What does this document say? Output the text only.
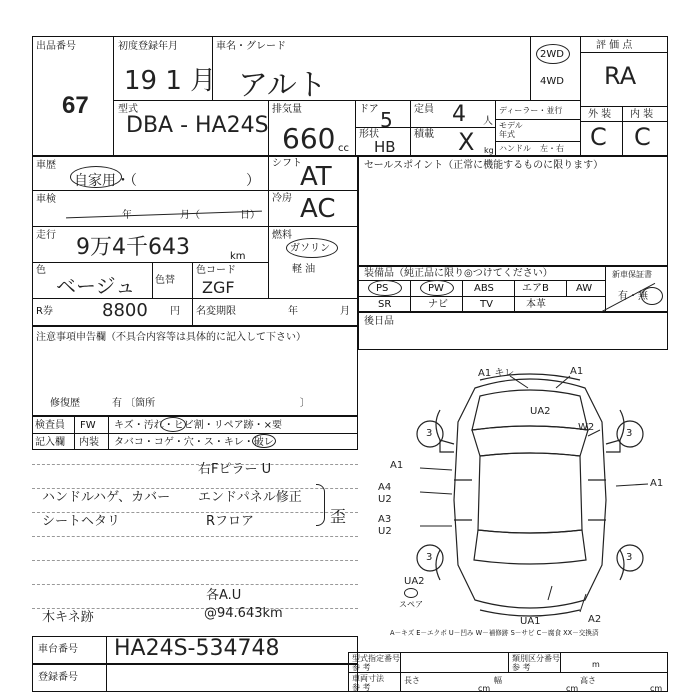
出品番号
67
初度登録年月
19 1 月
車名・グレード
アルト
2WD
4WD
評 価 点
RA
外 装 内 装
C C
型式
DBA - HA24S
排気量
660 cc
ドア 5
形状
HB
定員 4 人
積載 X kg
ディーラー・並行
モデル
年式
ハンドル 左・右
車歴
自家用・（	）
シフト
AT
車検
年	月（	日）
冷房 AC
走行 9万4千643	km
燃料
ガソリン
軽 油
色
ベージュ 色替
色コード
ZGF
R券	8800 円 名変期限	年	月
セールスポイント（正常に機能するものに限ります）
装備品（純正品に限り◎つけてください）	新車保証書
有・無
PS	PW	ABS	エアB	AW
SR	ナビ	TV	本革
後日品
注意事項申告欄（不具合内容等は具体的に記入して下さい）
修復歴	有 〔箇所	〕
検査員
記入欄
FW
内装
キズ・汚れ・ヒビ割・リペア跡・×要
タバコ・コゲ・穴・ス・キレ・破レ
右Fピラー U
ハンドルハゲ、カバー エンドパネル修正
シートヘタリ	Rフロア	歪
各A.U
木キネ跡	@94.643km
A1 キレ	A1
UA2
W2
3	3
A1
A1
A4
U2
A3
U2
3	3
UA2
UA1	A2
スペア
A－キズ E－エクボ U－凹み W－補修跡 S－サビ C－腐食 XX－交換済
車台番号 HA24S-534748
登録番号
型式指定番号
参 考
類別区分番号
参 考
車両寸法
参 考
長さ
cm
幅
cm
高さ
cm
m
